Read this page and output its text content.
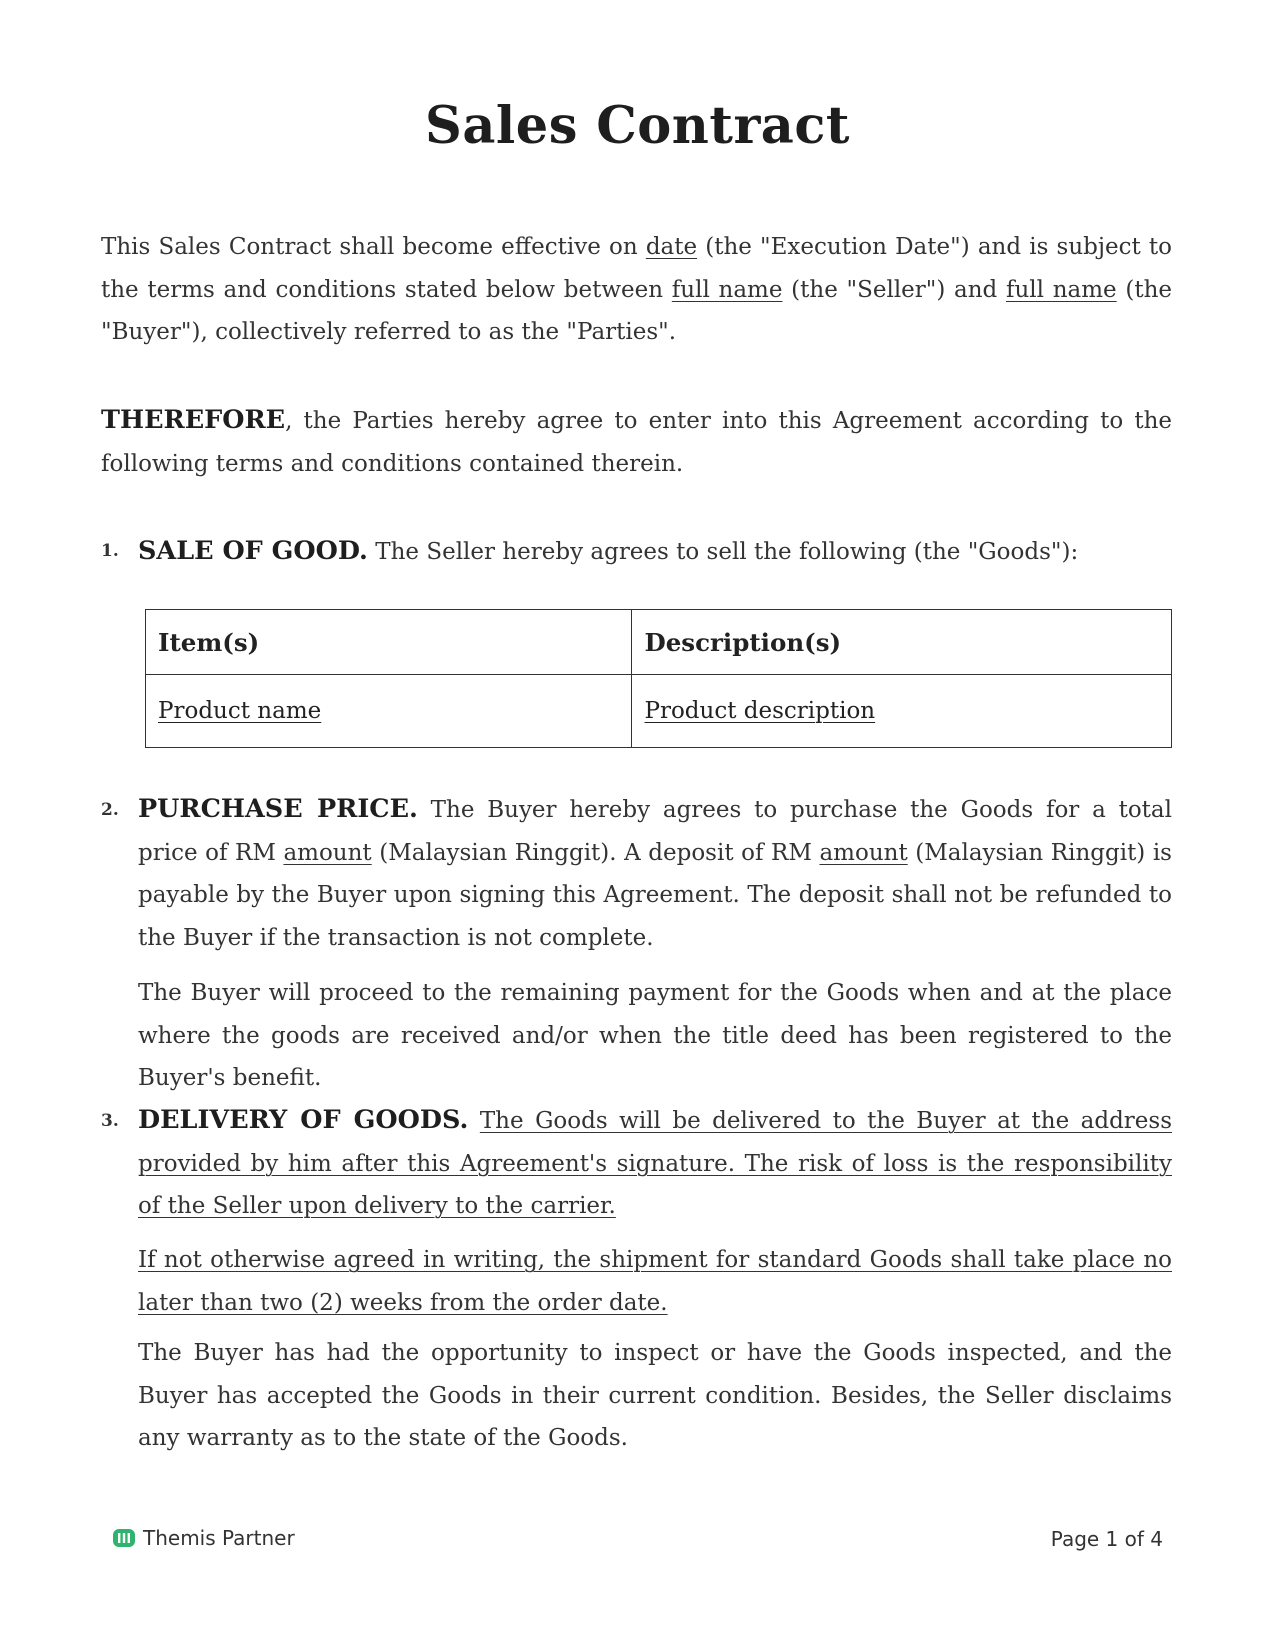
Sales Contract
This Sales Contract shall become effective on date (the "Execution Date") and is subject to the terms and conditions stated below between full name (the "Seller") and full name (the "Buyer"), collectively referred to as the "Parties".
THEREFORE, the Parties hereby agree to enter into this Agreement according to the following terms and conditions contained therein.
1. SALE OF GOOD. The Seller hereby agrees to sell the following (the "Goods"):
Item(s)	Description(s)
Product name	Product description
2. PURCHASE PRICE. The Buyer hereby agrees to purchase the Goods for a total price of RM amount (Malaysian Ringgit). A deposit of RM amount (Malaysian Ringgit) is payable by the Buyer upon signing this Agreement. The deposit shall not be refunded to the Buyer if the transaction is not complete.
The Buyer will proceed to the remaining payment for the Goods when and at the place where the goods are received and/or when the title deed has been registered to the Buyer's benefit.
3. DELIVERY OF GOODS. The Goods will be delivered to the Buyer at the address provided by him after this Agreement's signature. The risk of loss is the responsibility of the Seller upon delivery to the carrier.
If not otherwise agreed in writing, the shipment for standard Goods shall take place no later than two (2) weeks from the order date.
The Buyer has had the opportunity to inspect or have the Goods inspected, and the Buyer has accepted the Goods in their current condition. Besides, the Seller disclaims any warranty as to the state of the Goods.
Themis Partner	Page 1 of 4
